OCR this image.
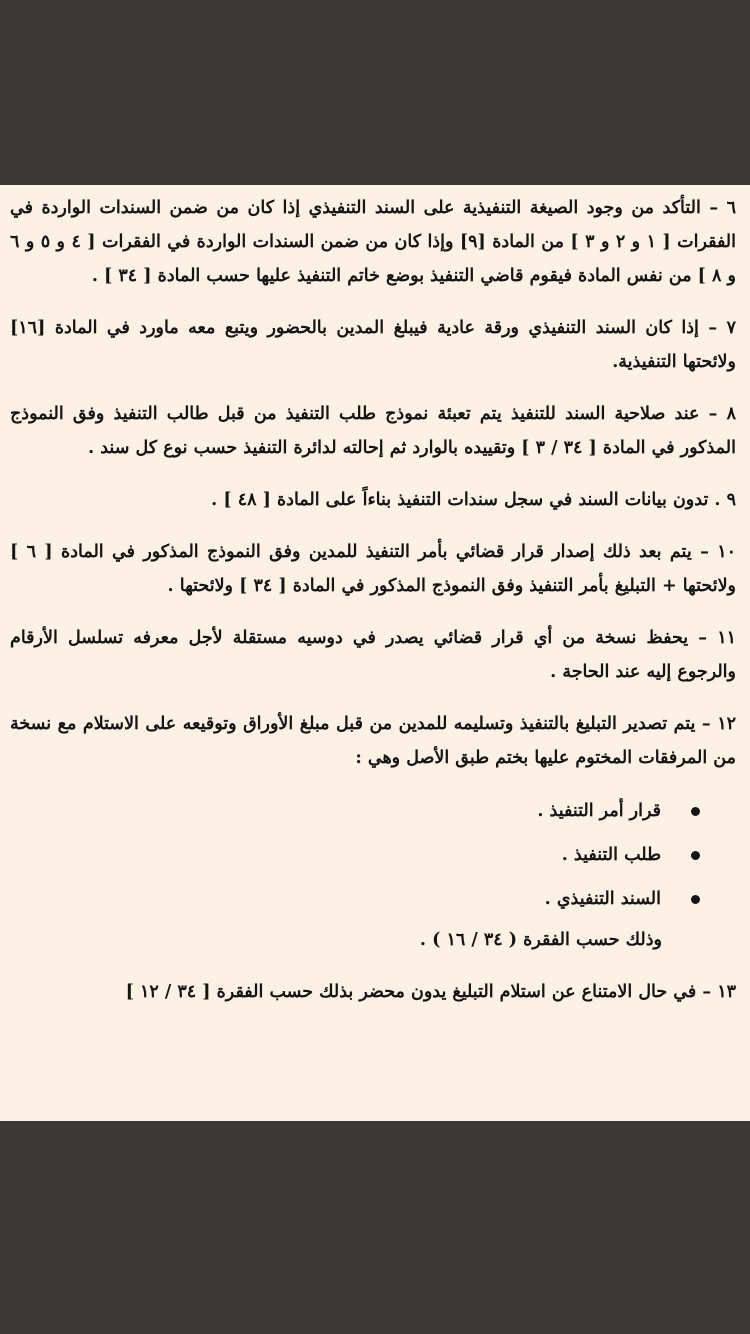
٦ – التأكد من وجود الصيغة التنفيذية على السند التنفيذي إذا كان من ضمن السندات الواردة في الفقرات [ ١ و ٢ و ٣ ] من المادة [٩] وإذا كان من ضمن السندات الواردة في الفقرات [ ٤ و ٥ و ٦ و ٨ ] من نفس المادة فيقوم قاضي التنفيذ بوضع خاتم التنفيذ عليها حسب المادة [ ٣٤ ] .

٧ – إذا كان السند التنفيذي ورقة عادية فيبلغ المدين بالحضور ويتبع معه ماورد في المادة [١٦] ولائحتها التنفيذية.

٨ – عند صلاحية السند للتنفيذ يتم تعبئة نموذج طلب التنفيذ من قبل طالب التنفيذ وفق النموذج المذكور في المادة [ ٣٤ / ٣ ] وتقييده بالوارد ثم إحالته لدائرة التنفيذ حسب نوع كل سند .

٩ . تدون بيانات السند في سجل سندات التنفيذ بناءاً على المادة [ ٤٨ ] .

١٠ – يتم بعد ذلك إصدار قرار قضائي بأمر التنفيذ للمدين وفق النموذج المذكور في المادة [ ٦ ] ولائحتها + التبليغ بأمر التنفيذ وفق النموذج المذكور في المادة [ ٣٤ ] ولائحتها .

١١ – يحفظ نسخة من أي قرار قضائي يصدر في دوسيه مستقلة لأجل معرفه تسلسل الأرقام والرجوع إليه عند الحاجة .

١٢ – يتم تصدير التبليغ بالتنفيذ وتسليمه للمدين من قبل مبلغ الأوراق وتوقيعه على الاستلام مع نسخة من المرفقات المختوم عليها بختم طبق الأصل وهي :

قرار أمر التنفيذ .
طلب التنفيذ .
السند التنفيذي .

وذلك حسب الفقرة ( ٣٤ / ١٦ ) .

١٣ – في حال الامتناع عن استلام التبليغ يدون محضر بذلك حسب الفقرة [ ٣٤ / ١٢ ]
